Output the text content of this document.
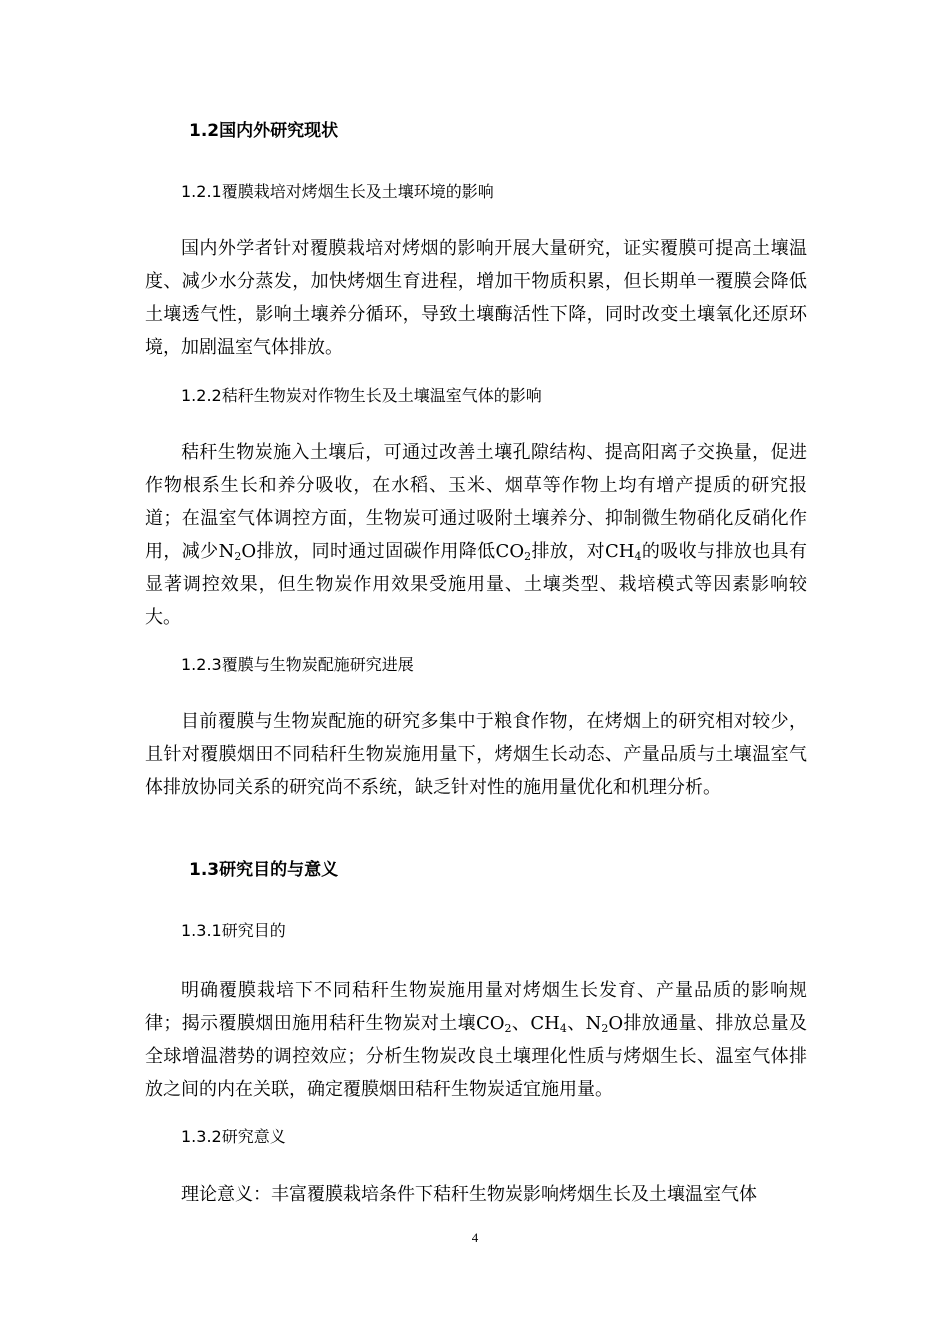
1.2国内外研究现状
1.2.1覆膜栽培对烤烟生长及土壤环境的影响
国内外学者针对覆膜栽培对烤烟的影响开展大量研究，证实覆膜可提高土壤温度、减少水分蒸发，加快烤烟生育进程，增加干物质积累，但长期单一覆膜会降低土壤透气性，影响土壤养分循环，导致土壤酶活性下降，同时改变土壤氧化还原环境，加剧温室气体排放。
1.2.2秸秆生物炭对作物生长及土壤温室气体的影响
秸秆生物炭施入土壤后，可通过改善土壤孔隙结构、提高阳离子交换量，促进作物根系生长和养分吸收，在水稻、玉米、烟草等作物上均有增产提质的研究报道；在温室气体调控方面，生物炭可通过吸附土壤养分、抑制微生物硝化反硝化作用，减少$N_2O$排放，同时通过固碳作用降低$CO_2$排放，对$CH_4$的吸收与排放也具有显著调控效果，但生物炭作用效果受施用量、土壤类型、栽培模式等因素影响较大。
1.2.3覆膜与生物炭配施研究进展
目前覆膜与生物炭配施的研究多集中于粮食作物，在烤烟上的研究相对较少，且针对覆膜烟田不同秸秆生物炭施用量下，烤烟生长动态、产量品质与土壤温室气体排放协同关系的研究尚不系统，缺乏针对性的施用量优化和机理分析。
1.3研究目的与意义
1.3.1研究目的
明确覆膜栽培下不同秸秆生物炭施用量对烤烟生长发育、产量品质的影响规律；揭示覆膜烟田施用秸秆生物炭对土壤$CO_2$、$CH_4$、$N_2O$排放通量、排放总量及全球增温潜势的调控效应；分析生物炭改良土壤理化性质与烤烟生长、温室气体排放之间的内在关联，确定覆膜烟田秸秆生物炭适宜施用量。
1.3.2研究意义
理论意义：丰富覆膜栽培条件下秸秆生物炭影响烤烟生长及土壤温室气体
4
